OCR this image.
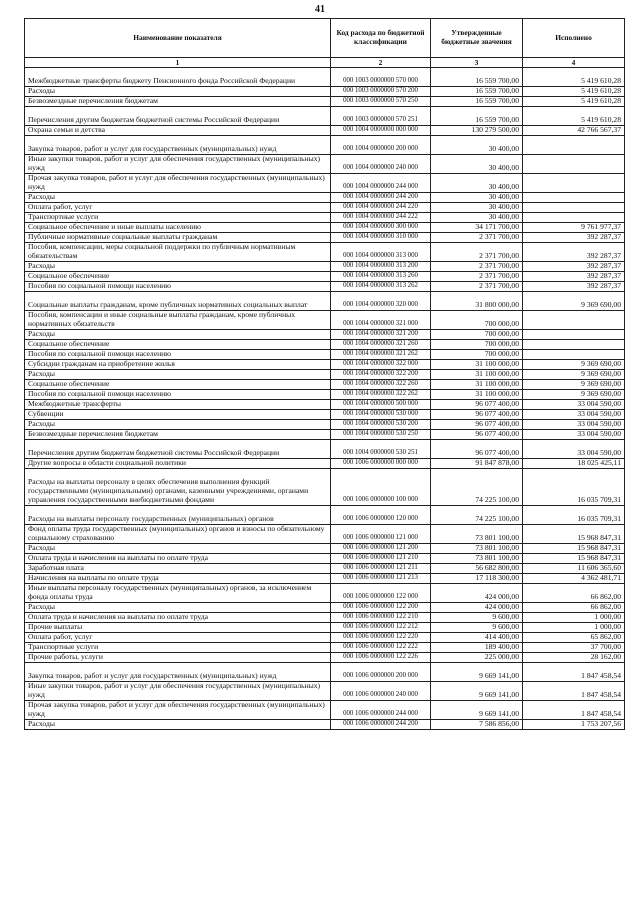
41
Наименование показателя	Код расхода по бюджетной классификации	Утвержденные бюджетные значения	Исполнено
1	2	3	4
Межбюджетные трансферты бюджету Пенсионного фонда Российской Федерации	000 1003 0000000 570 000	16 559 700,00	5 419 610,28
Расходы	000 1003 0000000 570 200	16 559 700,00	5 419 610,28
Безвозмездные перечисления бюджетам	000 1003 0000000 570 250	16 559 700,00	5 419 610,28
Перечисления другим бюджетам бюджетной системы Российской Федерации	000 1003 0000000 570 251	16 559 700,00	5 419 610,28
Охрана семьи и детства	000 1004 0000000 000 000	130 279 500,00	42 766 567,37
Закупка товаров, работ и услуг для государственных (муниципальных) нужд	000 1004 0000000 200 000	30 400,00	
Иные закупки товаров, работ и услуг для обеспечения государственных (муниципальных) нужд	000 1004 0000000 240 000	30 400,00	
Прочая закупка товаров, работ и услуг для обеспечения государственных (муниципальных) нужд	000 1004 0000000 244 000	30 400,00	
Расходы	000 1004 0000000 244 200	30 400,00	
Оплата работ, услуг	000 1004 0000000 244 220	30 400,00	
Транспортные услуги	000 1004 0000000 244 222	30 400,00	
Социальное обеспечение и иные выплаты населению	000 1004 0000000 300 000	34 171 700,00	9 761 977,37
Публичные нормативные социальные выплаты гражданам	000 1004 0000000 310 000	2 371 700,00	392 287,37
Пособия, компенсации, меры социальной поддержки по публичным нормативным обязательствам	000 1004 0000000 313 000	2 371 700,00	392 287,37
Расходы	000 1004 0000000 313 200	2 371 700,00	392 287,37
Социальное обеспечение	000 1004 0000000 313 260	2 371 700,00	392 287,37
Пособия по социальной помощи населению	000 1004 0000000 313 262	2 371 700,00	392 287,37
Социальные выплаты гражданам, кроме публичных нормативных социальных выплат	000 1004 0000000 320 000	31 800 000,00	9 369 690,00
Пособия, компенсации и иные социальные выплаты гражданам, кроме публичных нормативных обязательств	000 1004 0000000 321 000	700 000,00	
Расходы	000 1004 0000000 321 200	700 000,00	
Социальное обеспечение	000 1004 0000000 321 260	700 000,00	
Пособия по социальной помощи населению	000 1004 0000000 321 262	700 000,00	
Субсидии гражданам на приобретение жилья	000 1004 0000000 322 000	31 100 000,00	9 369 690,00
Расходы	000 1004 0000000 322 200	31 100 000,00	9 369 690,00
Социальное обеспечение	000 1004 0000000 322 260	31 100 000,00	9 369 690,00
Пособия по социальной помощи населению	000 1004 0000000 322 262	31 100 000,00	9 369 690,00
Межбюджетные трансферты	000 1004 0000000 500 000	96 077 400,00	33 004 590,00
Субвенции	000 1004 0000000 530 000	96 077 400,00	33 004 590,00
Расходы	000 1004 0000000 530 200	96 077 400,00	33 004 590,00
Безвозмездные перечисления бюджетам	000 1004 0000000 530 250	96 077 400,00	33 004 590,00
Перечисления другим бюджетам бюджетной системы Российской Федерации	000 1004 0000000 530 251	96 077 400,00	33 004 590,00
Другие вопросы в области социальной политики	000 1006 0000000 000 000	91 847 878,00	18 025 425,11
Расходы на выплаты персоналу в целях обеспечения выполнения функций государственными (муниципальными) органами, казенными учреждениями, органами управления государственными внебюджетными фондами	000 1006 0000000 100 000	74 225 100,00	16 035 709,31
Расходы на выплаты персоналу государственных (муниципальных) органов	000 1006 0000000 120 000	74 225 100,00	16 035 709,31
Фонд оплаты труда государственных (муниципальных) органов и взносы по обязательному социальному страхованию	000 1006 0000000 121 000	73 801 100,00	15 968 847,31
Расходы	000 1006 0000000 121 200	73 801 100,00	15 968 847,31
Оплата труда и начисления на выплаты по оплате труда	000 1006 0000000 121 210	73 801 100,00	15 968 847,31
Заработная плата	000 1006 0000000 121 211	56 682 800,00	11 606 365,60
Начисления на выплаты по оплате труда	000 1006 0000000 121 213	17 118 300,00	4 362 481,71
Иные выплаты персоналу государственных (муниципальных) органов, за исключением фонда оплаты труда	000 1006 0000000 122 000	424 000,00	66 862,00
Расходы	000 1006 0000000 122 200	424 000,00	66 862,00
Оплата труда и начисления на выплаты по оплате труда	000 1006 0000000 122 210	9 600,00	1 000,00
Прочие выплаты	000 1006 0000000 122 212	9 600,00	1 000,00
Оплата работ, услуг	000 1006 0000000 122 220	414 400,00	65 862,00
Транспортные услуги	000 1006 0000000 122 222	189 400,00	37 700,00
Прочие работы, услуги	000 1006 0000000 122 226	225 000,00	28 162,00
Закупка товаров, работ и услуг для государственных (муниципальных) нужд	000 1006 0000000 200 000	9 669 141,00	1 847 458,54
Иные закупки товаров, работ и услуг для обеспечения государственных (муниципальных) нужд	000 1006 0000000 240 000	9 669 141,00	1 847 458,54
Прочая закупка товаров, работ и услуг для обеспечения государственных (муниципальных) нужд	000 1006 0000000 244 000	9 669 141,00	1 847 458,54
Расходы	000 1006 0000000 244 200	7 586 856,00	1 753 207,56
